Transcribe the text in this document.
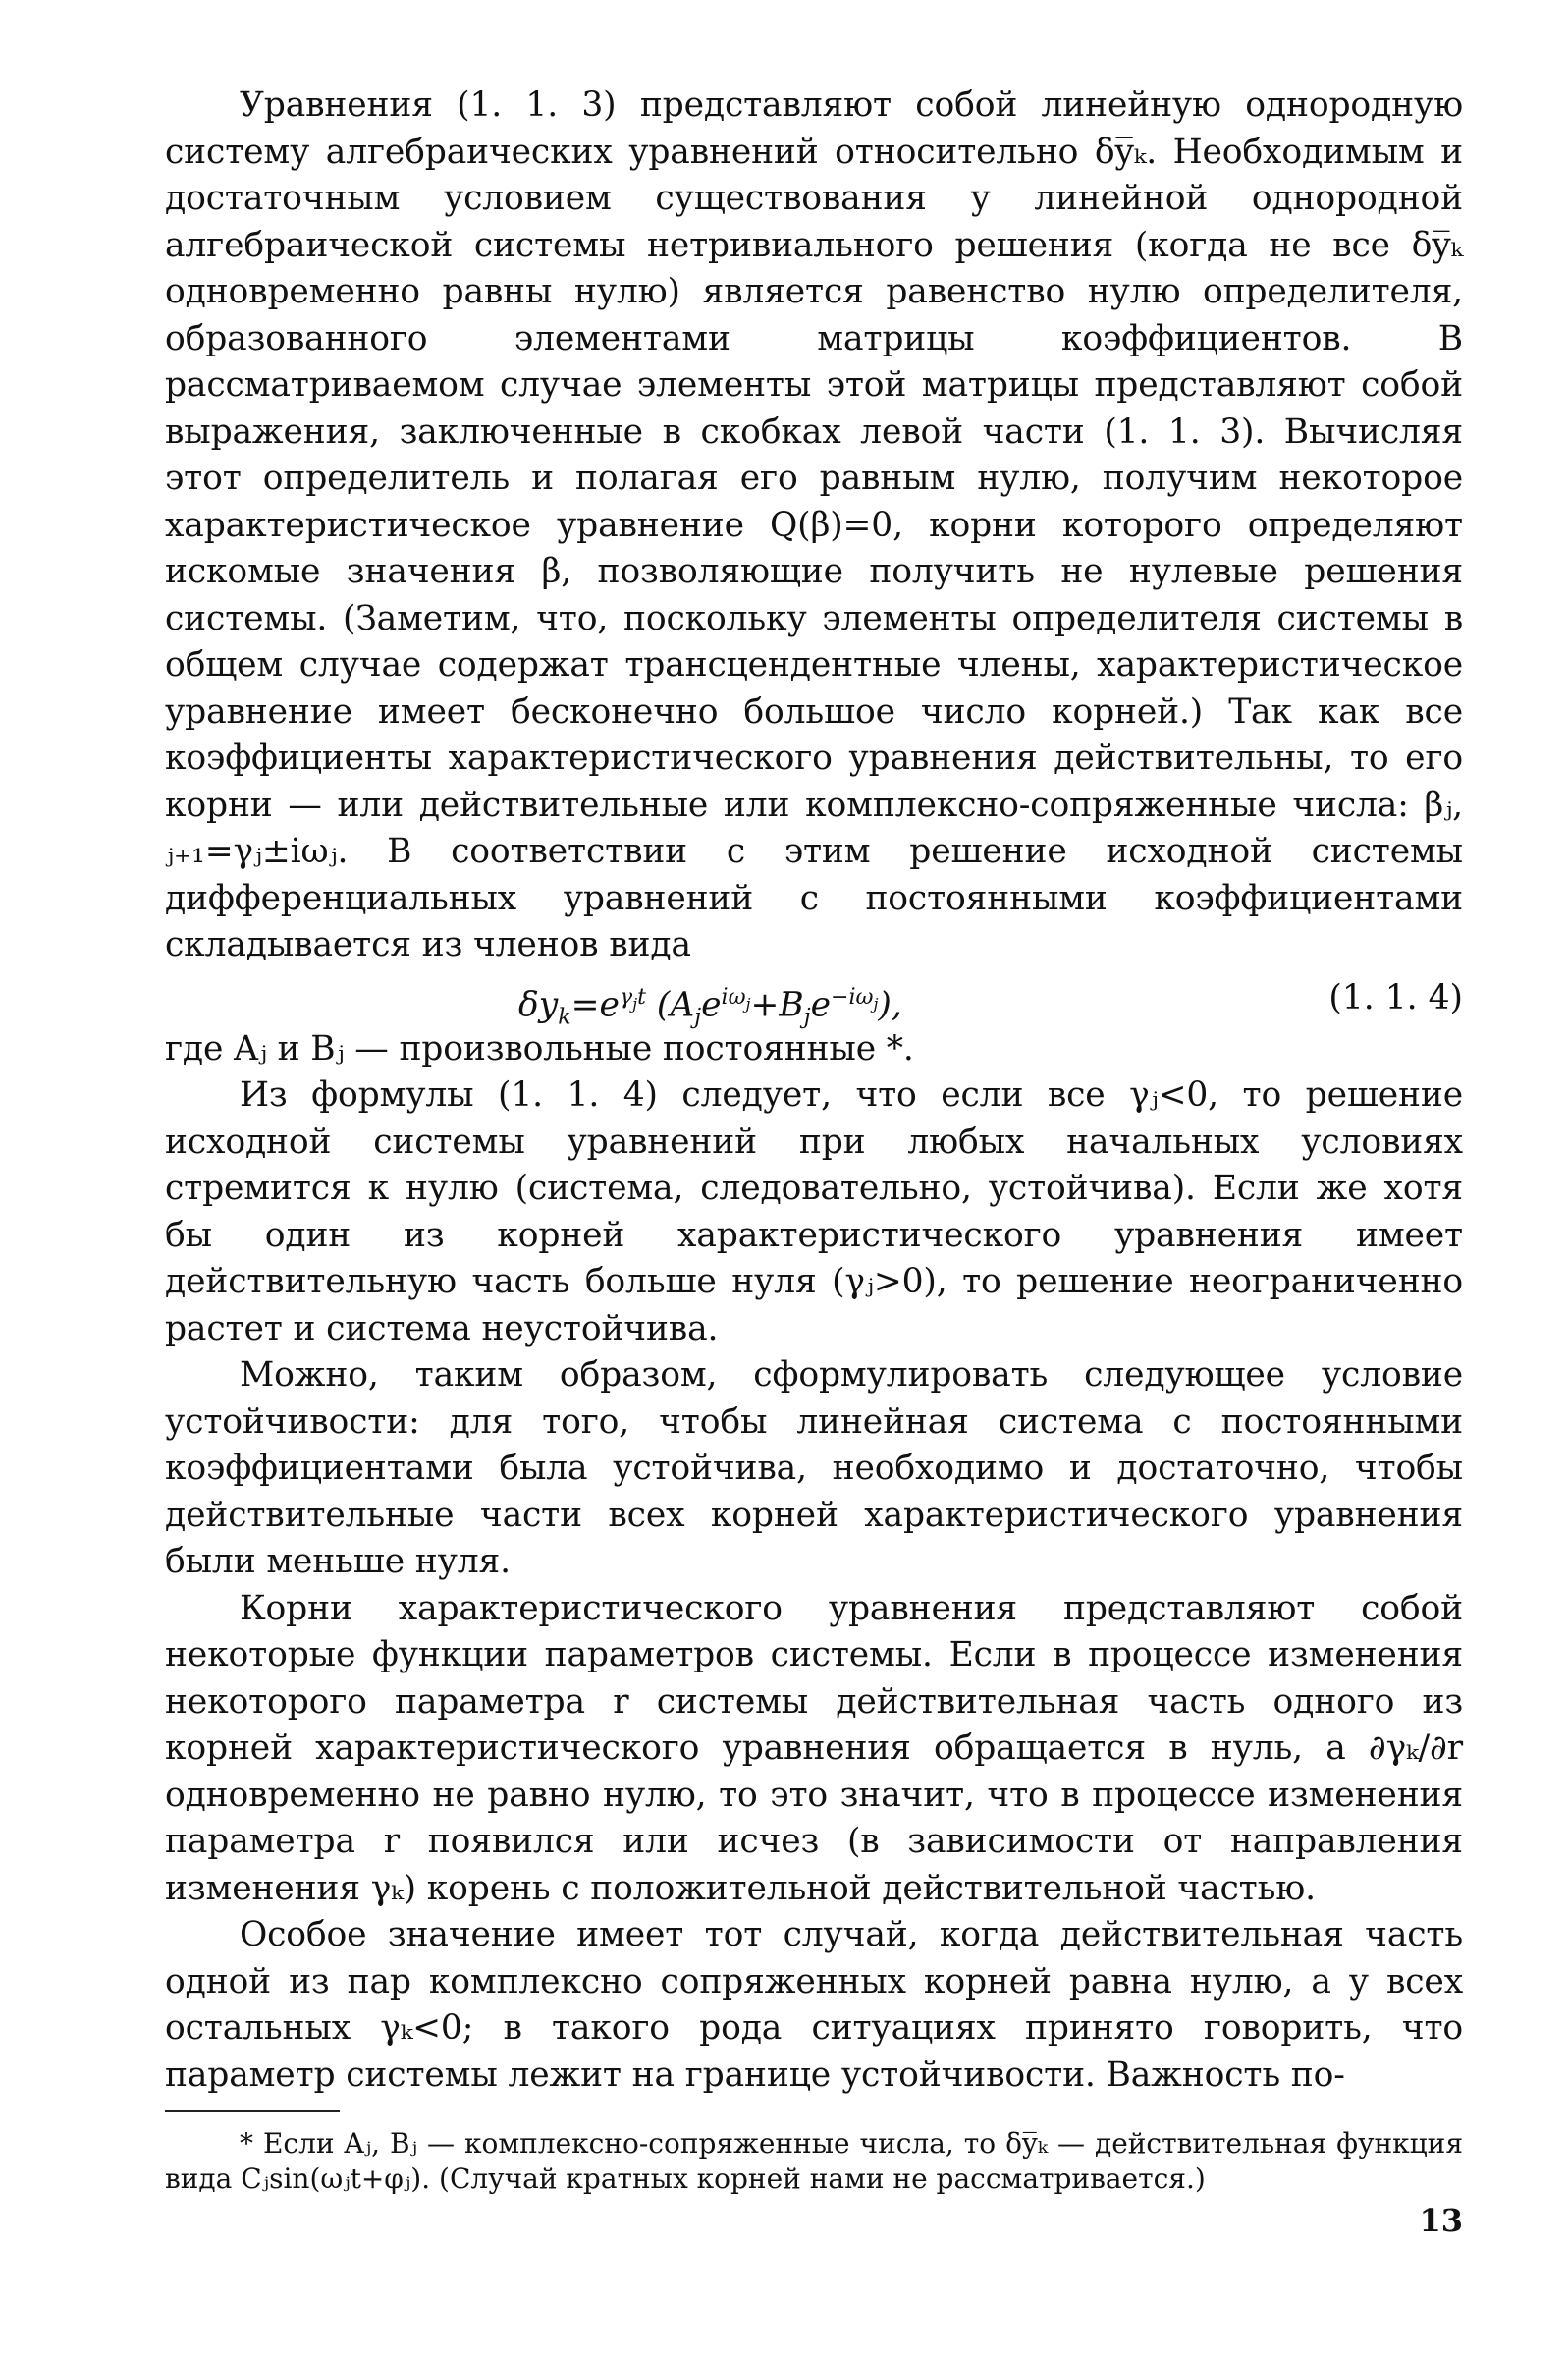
Уравнения (1. 1. 3) представляют собой линейную однородную систему алгебраических уравнений относительно δy̅ₖ. Необходимым и достаточным условием существования у линейной однородной алгебраической системы нетривиального решения (когда не все δy̅ₖ одновременно равны нулю) является равенство нулю определителя, образованного элементами матрицы коэффициентов. В рассматриваемом случае элементы этой матрицы представляют собой выражения, заключенные в скобках левой части (1. 1. 3). Вычисляя этот определитель и полагая его равным нулю, получим некоторое характеристическое уравнение Q(β)=0, корни которого определяют искомые значения β, позволяющие получить не нулевые решения системы. (Заметим, что, поскольку элементы определителя системы в общем случае содержат трансцендентные члены, характеристическое уравнение имеет бесконечно большое число корней.) Так как все коэффициенты характеристического уравнения действительны, то его корни — или действительные или комплексно-сопряженные числа: βⱼ, ⱼ₊₁=γⱼ±iωⱼ. В соответствии с этим решение исходной системы дифференциальных уравнений с постоянными коэффициентами складывается из членов вида

$\delta y_k=e^{\gamma_jt}$ $(A_je^{i\omega_j}+B_je^{-i\omega_j})$,	(1. 1. 4)

где Aⱼ и Bⱼ — произвольные постоянные *.

Из формулы (1. 1. 4) следует, что если все γⱼ<0, то решение исходной системы уравнений при любых начальных условиях стремится к нулю (система, следовательно, устойчива). Если же хотя бы один из корней характеристического уравнения имеет действительную часть больше нуля (γⱼ>0), то решение неограниченно растет и система неустойчива.

Можно, таким образом, сформулировать следующее условие устойчивости: для того, чтобы линейная система с постоянными коэффициентами была устойчива, необходимо и достаточно, чтобы действительные части всех корней характеристического уравнения были меньше нуля.

Корни характеристического уравнения представляют собой некоторые функции параметров системы. Если в процессе изменения некоторого параметра r системы действительная часть одного из корней характеристического уравнения обращается в нуль, а ∂γₖ/∂r одновременно не равно нулю, то это значит, что в процессе изменения параметра r появился или исчез (в зависимости от направления изменения γₖ) корень с положительной действительной частью.

Особое значение имеет тот случай, когда действительная часть одной из пар комплексно сопряженных корней равна нулю, а у всех остальных γₖ<0; в такого рода ситуациях принято говорить, что параметр системы лежит на границе устойчивости. Важность по-

* Если Aⱼ, Bⱼ — комплексно-сопряженные числа, то δy̅ₖ — действительная функция вида Cⱼsin(ωⱼt+φⱼ). (Случай кратных корней нами не рассматривается.)

13
